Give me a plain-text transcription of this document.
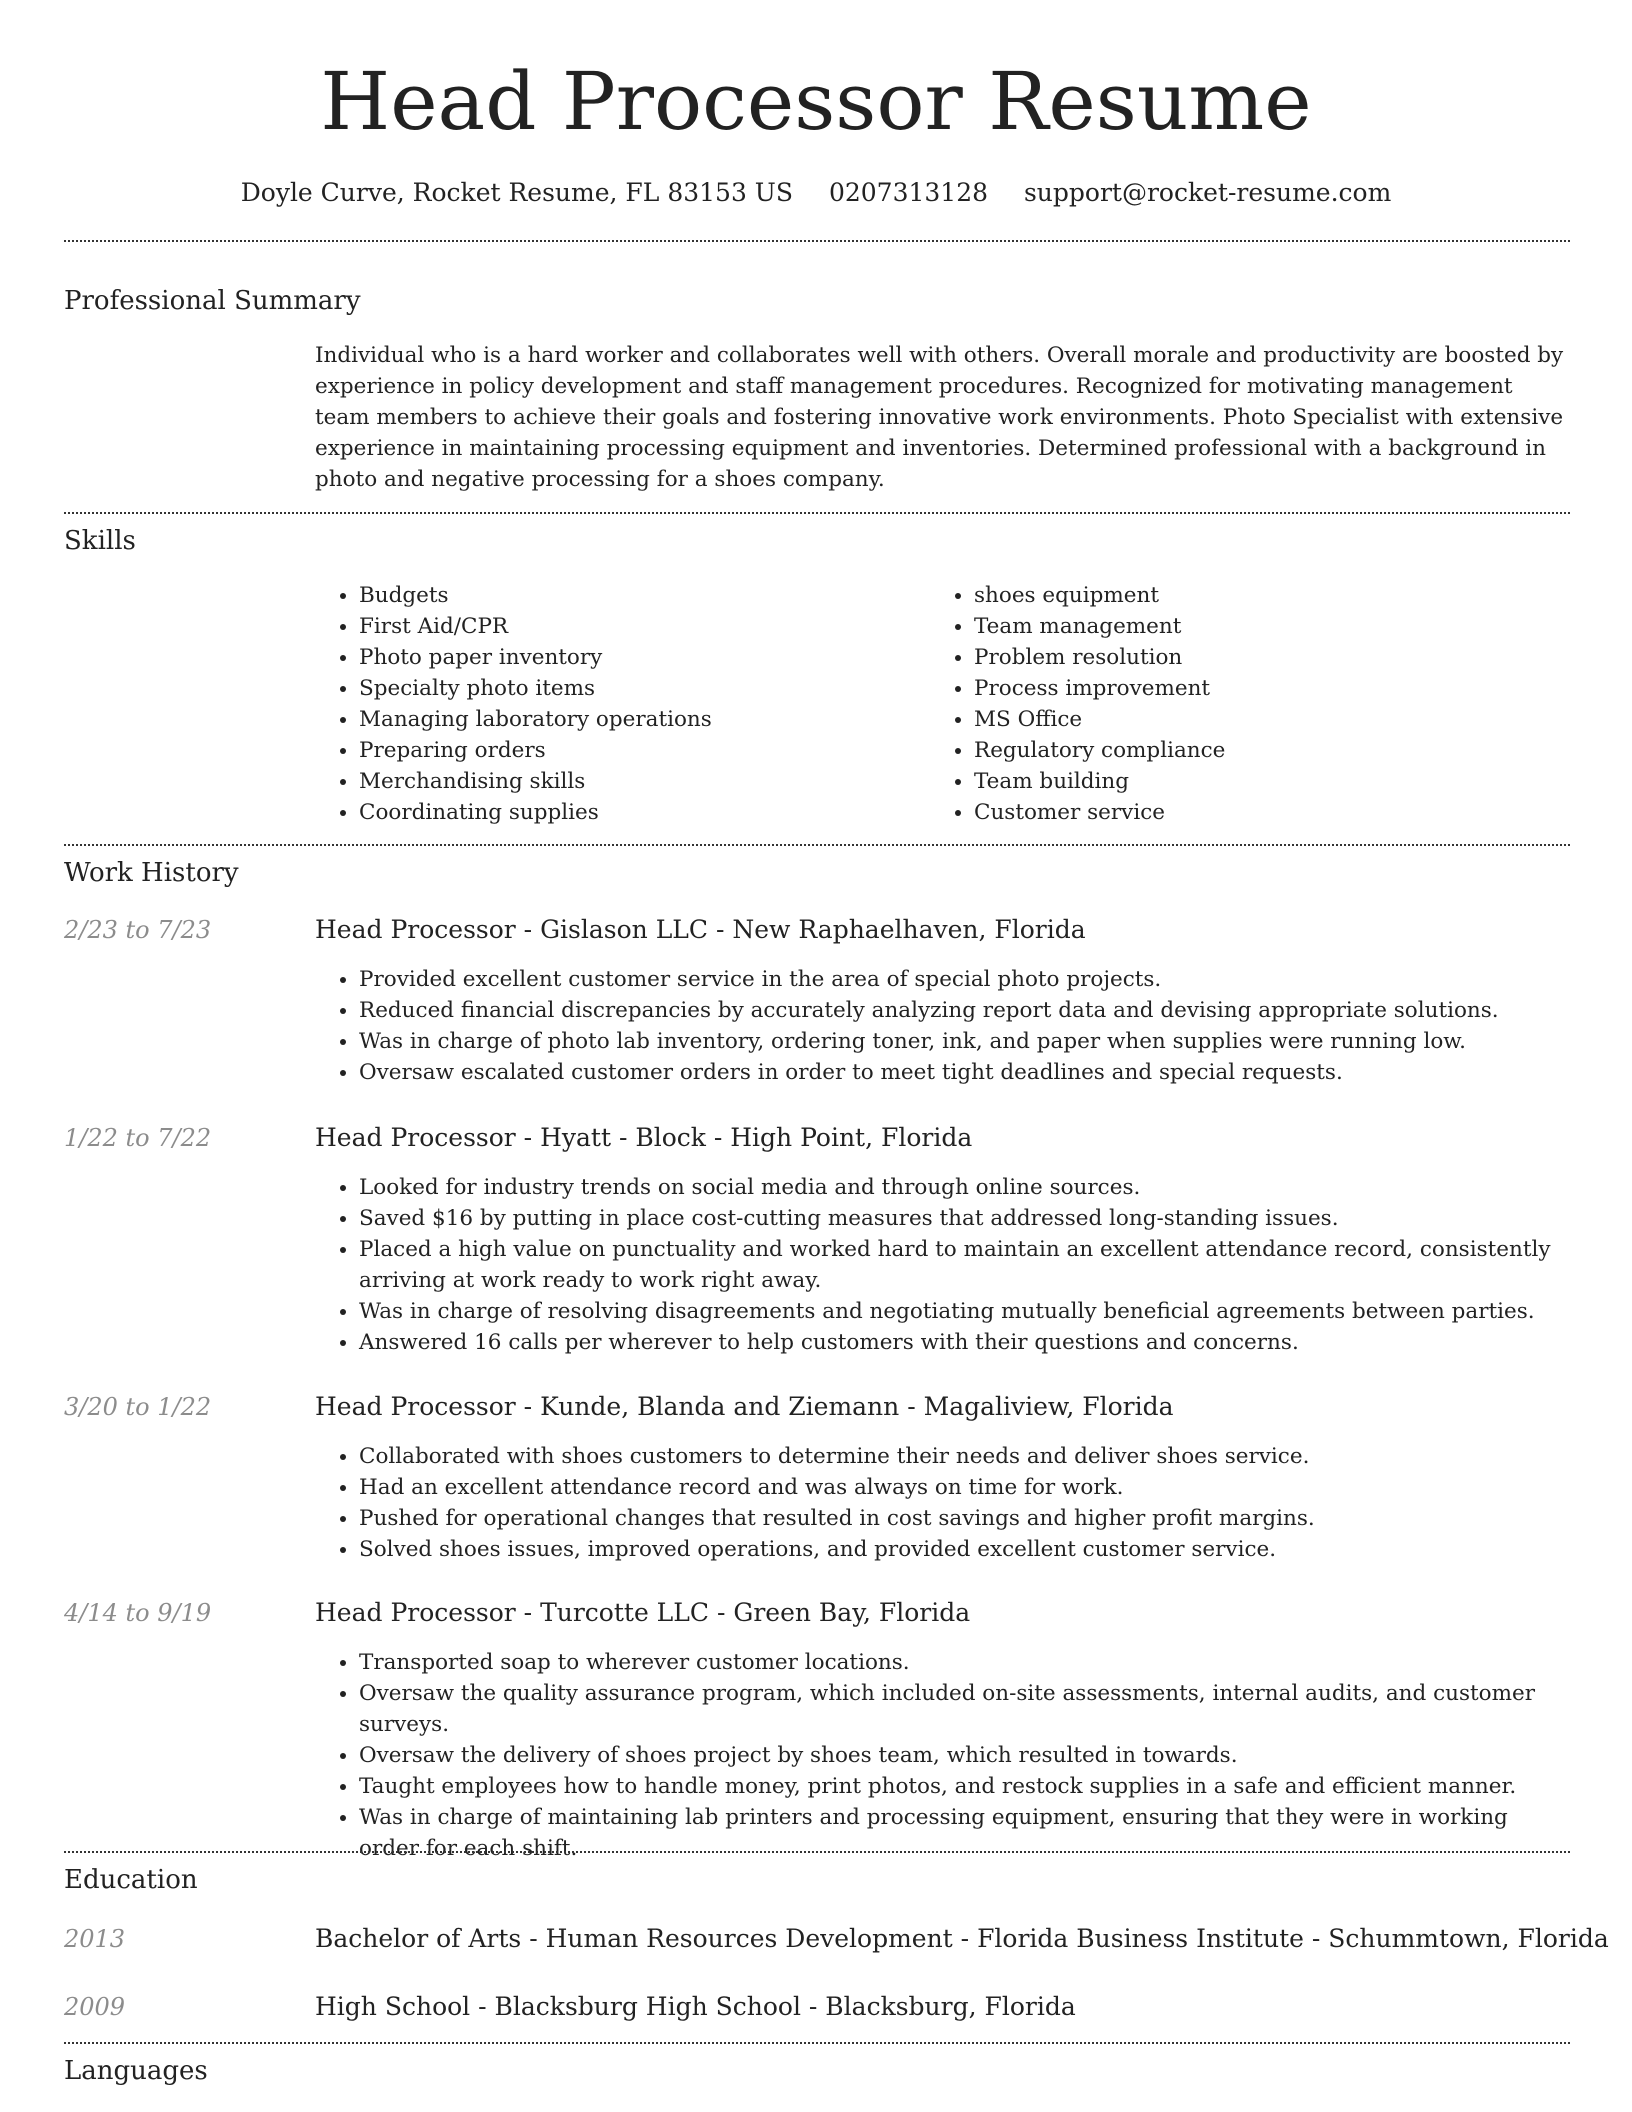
Head Processor Resume
Doyle Curve, Rocket Resume, FL 83153 US 0207313128 support@rocket-resume.com
Professional Summary

Individual who is a hard worker and collaborates well with others. Overall morale and productivity are boosted by experience in policy development and staff management procedures. Recognized for motivating management team members to achieve their goals and fostering innovative work environments. Photo Specialist with extensive experience in maintaining processing equipment and inventories. Determined professional with a background in photo and negative processing for a shoes company.

Skills
• Budgets
• First Aid/CPR
• Photo paper inventory
• Specialty photo items
• Managing laboratory operations
• Preparing orders
• Merchandising skills
• Coordinating supplies
• shoes equipment
• Team management
• Problem resolution
• Process improvement
• MS Office
• Regulatory compliance
• Team building
• Customer service
Work History
2/23 to 7/23	Head Processor - Gislason LLC - New Raphaelhaven, Florida
• Provided excellent customer service in the area of special photo projects.
• Reduced financial discrepancies by accurately analyzing report data and devising appropriate solutions.
• Was in charge of photo lab inventory, ordering toner, ink, and paper when supplies were running low.
• Oversaw escalated customer orders in order to meet tight deadlines and special requests.
1/22 to 7/22	Head Processor - Hyatt - Block - High Point, Florida
• Looked for industry trends on social media and through online sources.
• Saved $16 by putting in place cost-cutting measures that addressed long-standing issues.
• Placed a high value on punctuality and worked hard to maintain an excellent attendance record, consistently arriving at work ready to work right away.
• Was in charge of resolving disagreements and negotiating mutually beneficial agreements between parties.
• Answered 16 calls per wherever to help customers with their questions and concerns.
3/20 to 1/22	Head Processor - Kunde, Blanda and Ziemann - Magaliview, Florida
• Collaborated with shoes customers to determine their needs and deliver shoes service.
• Had an excellent attendance record and was always on time for work.
• Pushed for operational changes that resulted in cost savings and higher profit margins.
• Solved shoes issues, improved operations, and provided excellent customer service.
4/14 to 9/19	Head Processor - Turcotte LLC - Green Bay, Florida
• Transported soap to wherever customer locations.
• Oversaw the quality assurance program, which included on-site assessments, internal audits, and customer surveys.
• Oversaw the delivery of shoes project by shoes team, which resulted in towards.
• Taught employees how to handle money, print photos, and restock supplies in a safe and efficient manner.
• Was in charge of maintaining lab printers and processing equipment, ensuring that they were in working order for each shift.
Education
2013	Bachelor of Arts - Human Resources Development - Florida Business Institute - Schummtown, Florida
2009	High School - Blacksburg High School - Blacksburg, Florida
Languages
